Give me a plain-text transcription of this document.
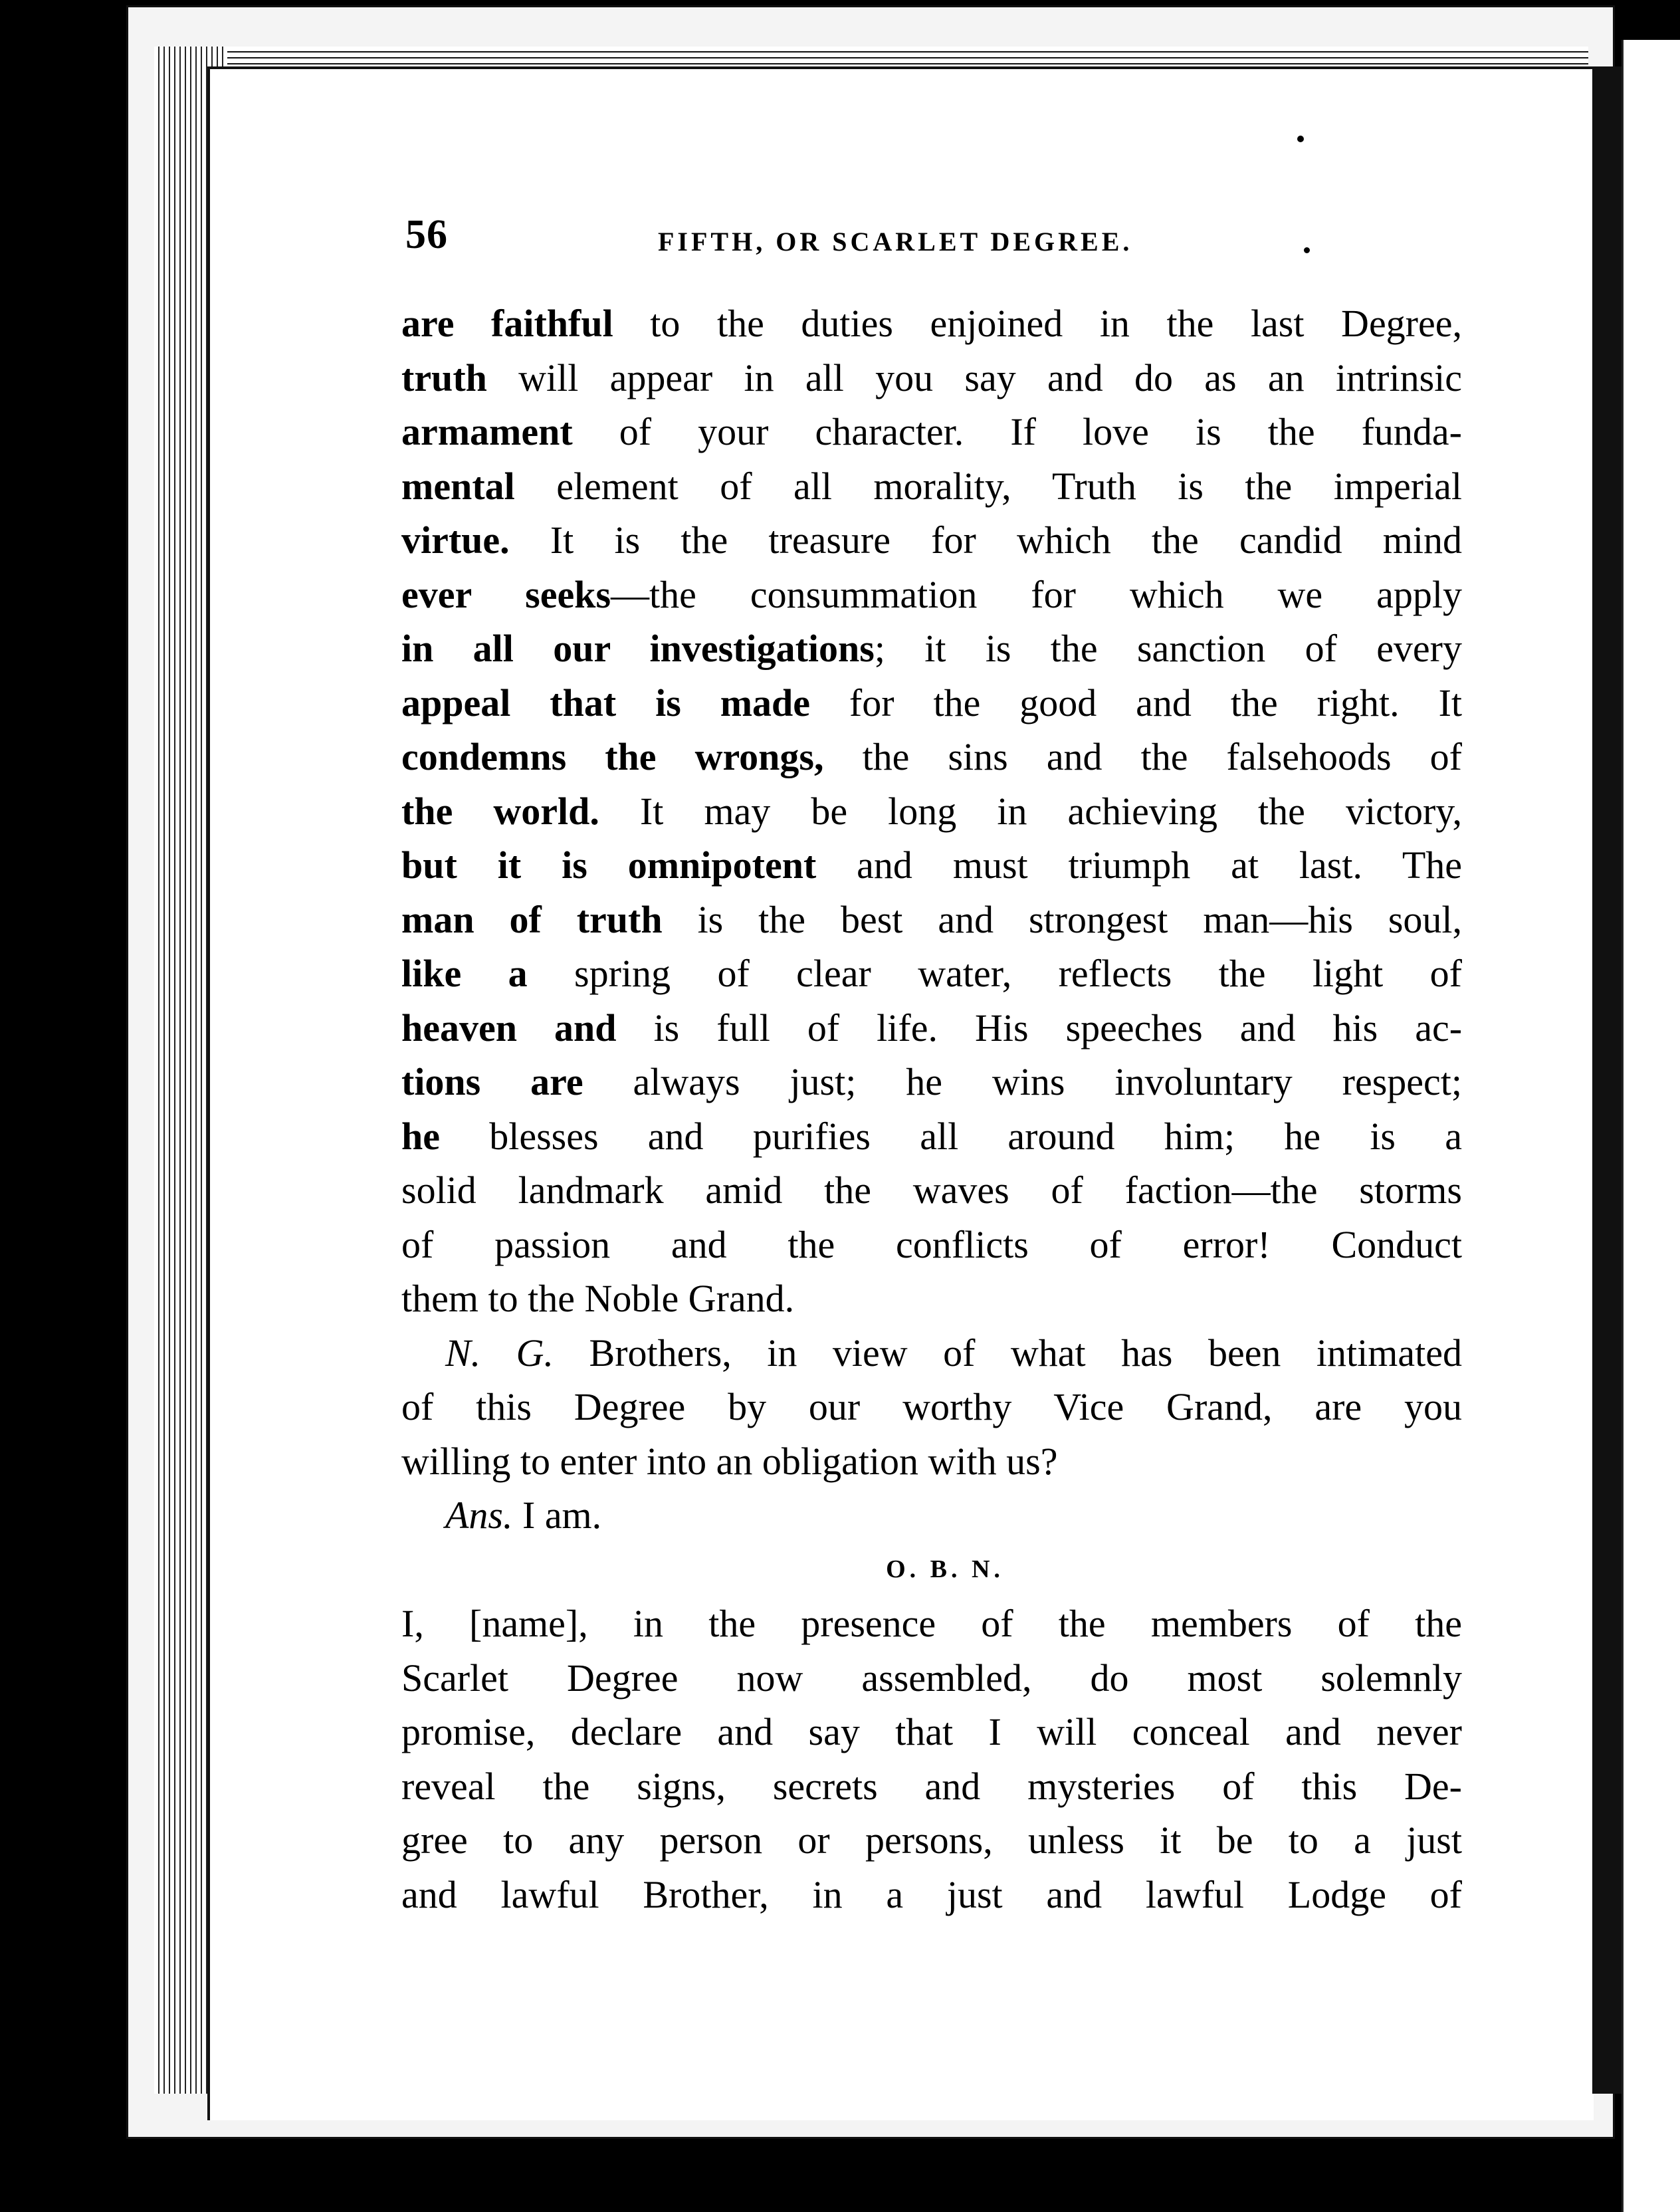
56	FIFTH, OR SCARLET DEGREE.
are faithful to the duties enjoined in the last Degree,
truth will appear in all you say and do as an intrinsic
armament of your character. If love is the funda-
mental element of all morality, Truth is the imperial
virtue. It is the treasure for which the candid mind
ever seeks—the consummation for which we apply
in all our investigations; it is the sanction of every
appeal that is made for the good and the right. It
condemns the wrongs, the sins and the falsehoods of
the world. It may be long in achieving the victory,
but it is omnipotent and must triumph at last. The
man of truth is the best and strongest man—his soul,
like a spring of clear water, reflects the light of
heaven and is full of life. His speeches and his ac-
tions are always just; he wins involuntary respect;
he blesses and purifies all around him; he is a
solid landmark amid the waves of faction—the storms
of passion and the conflicts of error! Conduct
them to the Noble Grand.
N. G. Brothers, in view of what has been intimated
of this Degree by our worthy Vice Grand, are you
willing to enter into an obligation with us?
Ans. I am.
O. B. N.
I, [name], in the presence of the members of the
Scarlet Degree now assembled, do most solemnly
promise, declare and say that I will conceal and never
reveal the signs, secrets and mysteries of this De-
gree to any person or persons, unless it be to a just
and lawful Brother, in a just and lawful Lodge of
